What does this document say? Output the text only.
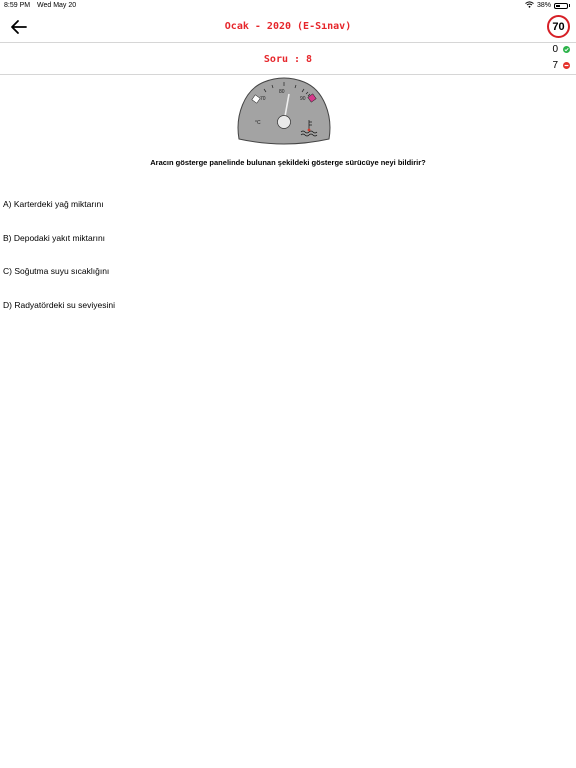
8:59 PM Wed May 20	38%
Ocak - 2020 (E-Sınav)	70
Soru : 8
0
7
70
80
90
°C
Aracın gösterge panelinde bulunan şekildeki gösterge sürücüye neyi bildirir?
A) Karterdeki yağ miktarını
B) Depodaki yakıt miktarını
C) Soğutma suyu sıcaklığını
D) Radyatördeki su seviyesini
